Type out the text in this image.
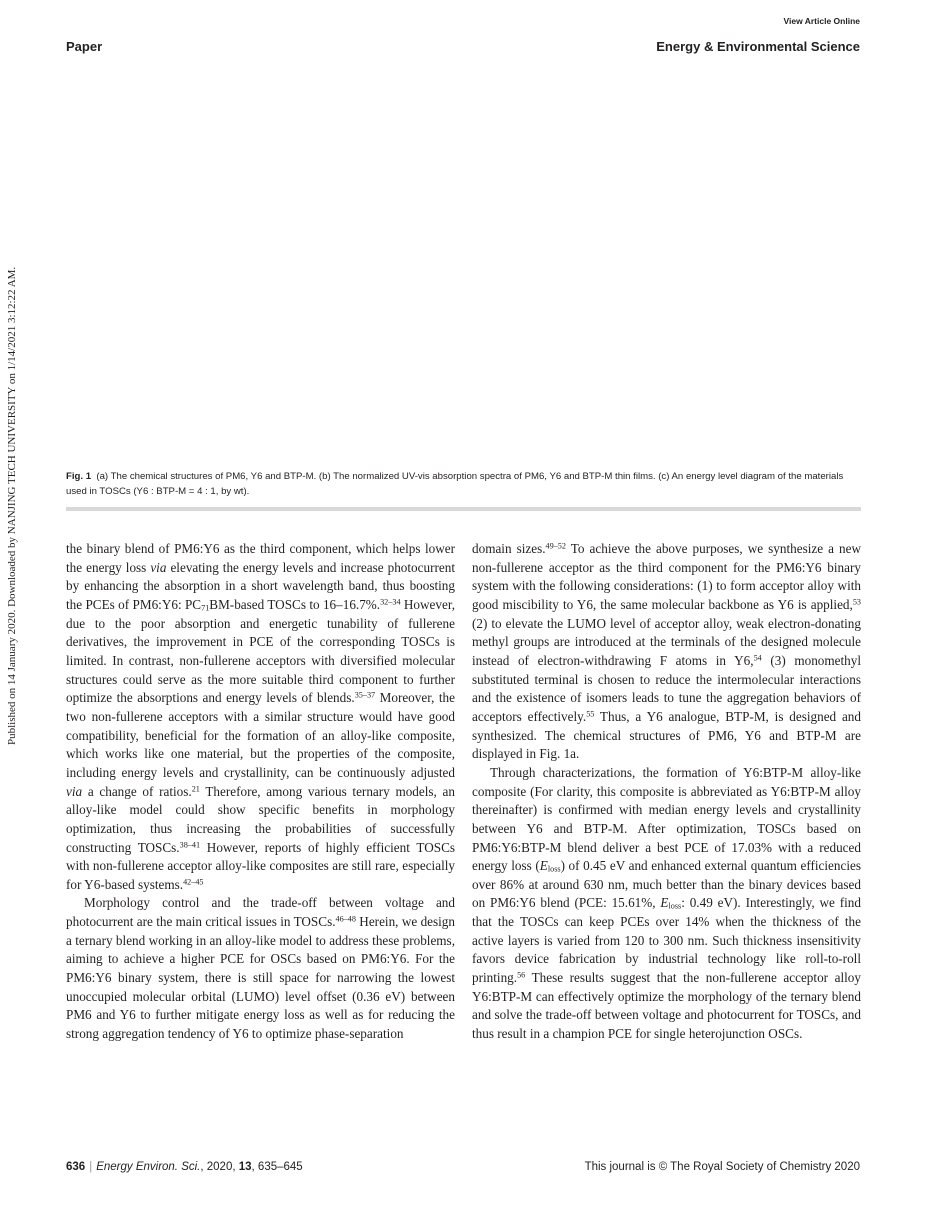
View Article Online
Paper	Energy & Environmental Science
Published on 14 January 2020. Downloaded by NANJING TECH UNIVERSITY on 1/14/2021 3:12:22 AM.	Fig. 1 (a) The chemical structures of PM6, Y6 and BTP-M. (b) The normalized UV-vis absorption spectra of PM6, Y6 and BTP-M thin films. (c) An energy level diagram of the materials used in TOSCs (Y6 : BTP-M = 4 : 1, by wt).

the binary blend of PM6:Y6 as the third component, which helps lower the energy loss via elevating the energy levels and increase photocurrent by enhancing the absorption in a short wavelength band, thus boosting the PCEs of PM6:Y6: $PC_{71}BM$-based TOSCs to 16–16.7%.$^{32-34}$ However, due to the poor absorption and energetic tunability of fullerene derivatives, the improvement in PCE of the corresponding TOSCs is limited. In contrast, non-fullerene acceptors with diversified molecular structures could serve as the more suitable third component to further optimize the absorptions and energy levels of blends.$^{35-37}$ Moreover, the two non-fullerene acceptors with a similar structure would have good compatibility, beneficial for the formation of an alloy-like composite, which works like one material, but the properties of the composite, including energy levels and crystallinity, can be continuously adjusted via a change of ratios.$^{21}$ Therefore, among various ternary models, an alloy-like model could show specific benefits in morphology optimization, thus increasing the probabilities of successfully constructing TOSCs.$^{38-41}$ However, reports of highly efficient TOSCs with non-fullerene acceptor alloy-like composites are still rare, especially for Y6-based systems.$^{42-45}$

Morphology control and the trade-off between voltage and photocurrent are the main critical issues in TOSCs.$^{46-48}$ Herein, we design a ternary blend working in an alloy-like model to address these problems, aiming to achieve a higher PCE for OSCs based on PM6:Y6. For the PM6:Y6 binary system, there is still space for narrowing the lowest unoccupied molecular orbital (LUMO) level offset (0.36 eV) between PM6 and Y6 to further mitigate energy loss as well as for reducing the strong aggregation tendency of Y6 to optimize phase-separation

domain sizes.$^{49-52}$ To achieve the above purposes, we synthesize a new non-fullerene acceptor as the third component for the PM6:Y6 binary system with the following considerations: (1) to form acceptor alloy with good miscibility to Y6, the same molecular backbone as Y6 is applied,$^{53}$ (2) to elevate the LUMO level of acceptor alloy, weak electron-donating methyl groups are introduced at the terminals of the designed molecule instead of electron-withdrawing F atoms in Y6,54 (3) monomethyl substituted terminal is chosen to reduce the intermolecular interactions and the existence of isomers leads to tune the aggregation behaviors of acceptors effectively.$^{55}$ Thus, a Y6 analogue, BTP-M, is designed and synthesized. The chemical structures of PM6, Y6 and BTP-M are displayed in Fig. 1a.

Through characterizations, the formation of Y6:BTP-M alloy-like composite (For clarity, this composite is abbreviated as Y6:BTP-M alloy thereinafter) is confirmed with median energy levels and crystallinity between Y6 and BTP-M. After optimization, TOSCs based on PM6:Y6:BTP-M blend deliver a best PCE of 17.03% with a reduced energy loss $(E_{loss})$ of 0.45 eV and enhanced external quantum efficiencies over 86% at around 630 nm, much better than the binary devices based on PM6:Y6 blend (PCE: 15.61%, $E_{loss}$: 0.49 eV). Interestingly, we find that the TOSCs can keep PCEs over 14% when the thickness of the active layers is varied from 120 to 300 nm. Such thickness insensitivity favors device fabrication by industrial technology like roll-to-roll printing.$^{56}$ These results suggest that the non-fullerene acceptor alloy Y6:BTP-M can effectively optimize the morphology of the ternary blend and solve the trade-off between voltage and photocurrent for TOSCs, and thus result in a champion PCE for single heterojunction OSCs.

636 | Energy Environ. Sci., 2020, 13, 635–645	This journal is © The Royal Society of Chemistry 2020
